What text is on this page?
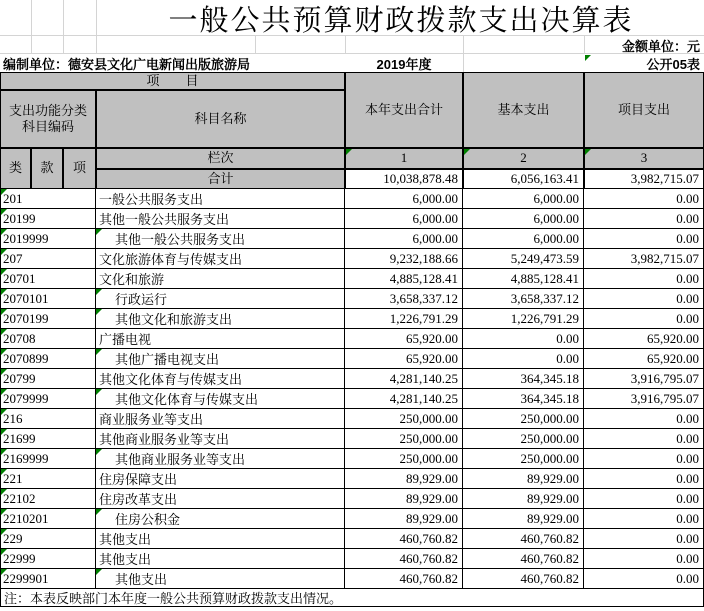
一般公共预算财政拨款支出决算表
金额单位：元
编制单位：德安县文化广电新闻出版旅游局	2019年度	公开05表
项　　目
支出功能分类
科目编码
科目名称
本年支出合计	基本支出	项目支出
类	款	项
栏次	1	2	3
合计	10,038,878.48	6,056,163.41	3,982,715.07
201	一般公共服务支出	6,000.00	6,000.00	0.00
20199	其他一般公共服务支出	6,000.00	6,000.00	0.00
2019999	其他一般公共服务支出	6,000.00	6,000.00	0.00
207	文化旅游体育与传媒支出	9,232,188.66	5,249,473.59	3,982,715.07
20701	文化和旅游	4,885,128.41	4,885,128.41	0.00
2070101	行政运行	3,658,337.12	3,658,337.12	0.00
2070199	其他文化和旅游支出	1,226,791.29	1,226,791.29	0.00
20708	广播电视	65,920.00	0.00	65,920.00
2070899	其他广播电视支出	65,920.00	0.00	65,920.00
20799	其他文化体育与传媒支出	4,281,140.25	364,345.18	3,916,795.07
2079999	其他文化体育与传媒支出	4,281,140.25	364,345.18	3,916,795.07
216	商业服务业等支出	250,000.00	250,000.00	0.00
21699	其他商业服务业等支出	250,000.00	250,000.00	0.00
2169999	其他商业服务业等支出	250,000.00	250,000.00	0.00
221	住房保障支出	89,929.00	89,929.00	0.00
22102	住房改革支出	89,929.00	89,929.00	0.00
2210201	住房公积金	89,929.00	89,929.00	0.00
229	其他支出	460,760.82	460,760.82	0.00
22999	其他支出	460,760.82	460,760.82	0.00
2299901	其他支出	460,760.82	460,760.82	0.00
注：本表反映部门本年度一般公共预算财政拨款支出情况。
